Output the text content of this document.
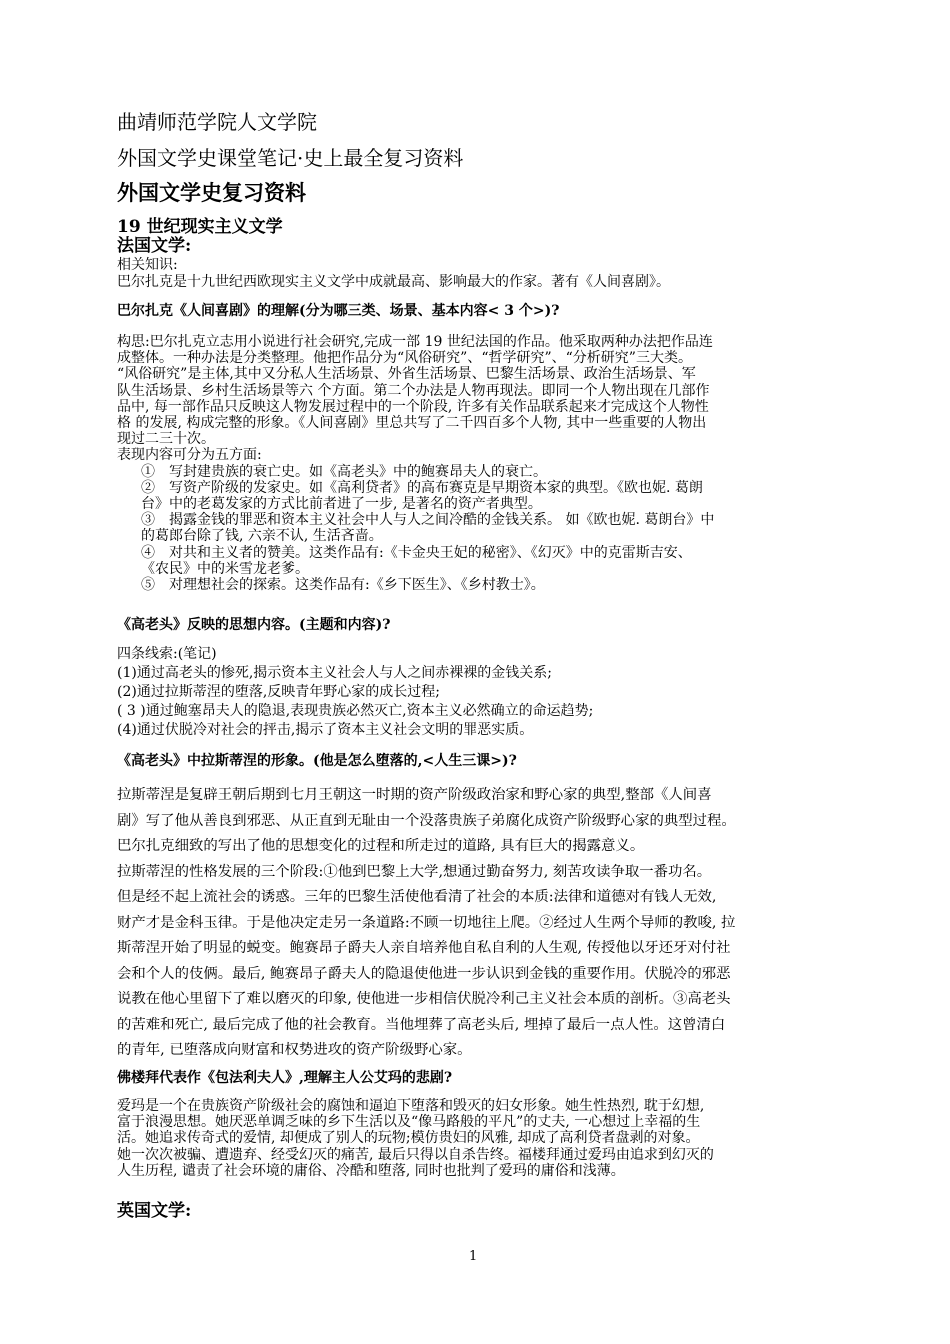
曲靖师范学院人文学院
外国文学史课堂笔记·史上最全复习资料
外国文学史复习资料
19 世纪现实主义文学
法国文学:
相关知识:
巴尔扎克是十九世纪西欧现实主义文学中成就最高、影响最大的作家。著有《人间喜剧》。
巴尔扎克《人间喜剧》的理解(分为哪三类、场景、基本内容< 3 个>)?

构思:巴尔扎克立志用小说进行社会研究,完成一部 19 世纪法国的作品。他采取两种办法把作品连

成整体。一种办法是分类整理。他把作品分为“风俗研究”、“哲学研究”、“分析研究”三大类。

“风俗研究”是主体,其中又分私人生活场景、外省生活场景、巴黎生活场景、政治生活场景、军

队生活场景、乡村生活场景等六 个方面。第二个办法是人物再现法。即同一个人物出现在几部作

品中, 每一部作品只反映这人物发展过程中的一个阶段, 许多有关作品联系起来才完成这个人物性

格 的发展, 构成完整的形象。《人间喜剧》里总共写了二千四百多个人物, 其中一些重要的人物出

现过二三十次。

表现内容可分为五方面:

①　写封建贵族的衰亡史。如《高老头》中的鲍赛昂夫人的衰亡。

②　写资产阶级的发家史。如《高利贷者》的高布赛克是早期资本家的典型。《欧也妮. 葛朗

台》中的老葛发家的方式比前者进了一步, 是著名的资产者典型。

③　揭露金钱的罪恶和资本主义社会中人与人之间冷酷的金钱关系。 如《欧也妮. 葛朗台》中

的葛郎台除了钱, 六亲不认, 生活吝啬。

④　对共和主义者的赞美。这类作品有:《卡金央王妃的秘密》、《幻灭》中的克雷斯吉安、

《农民》中的米雪龙老爹。

⑤　对理想社会的探索。这类作品有:《乡下医生》、《乡村教士》。

《高老头》反映的思想内容。(主题和内容)?

四条线索:(笔记)

(1)通过高老头的惨死,揭示资本主义社会人与人之间赤裸裸的金钱关系;

(2)通过拉斯蒂涅的堕落,反映青年野心家的成长过程;

( 3 )通过鲍塞昂夫人的隐退,表现贵族必然灭亡,资本主义必然确立的命运趋势;

(4)通过伏脱冷对社会的抨击,揭示了资本主义社会文明的罪恶实质。

《高老头》中拉斯蒂涅的形象。(他是怎么堕落的,<人生三课>)?

拉斯蒂涅是复辟王朝后期到七月王朝这一时期的资产阶级政治家和野心家的典型,整部《人间喜

剧》写了他从善良到邪恶、从正直到无耻由一个没落贵族子弟腐化成资产阶级野心家的典型过程。

巴尔扎克细致的写出了他的思想变化的过程和所走过的道路, 具有巨大的揭露意义。

拉斯蒂涅的性格发展的三个阶段:①他到巴黎上大学,想通过勤奋努力, 刻苦攻读争取一番功名。

但是经不起上流社会的诱惑。三年的巴黎生活使他看清了社会的本质:法律和道德对有钱人无效,

财产才是金科玉律。于是他决定走另一条道路:不顾一切地往上爬。②经过人生两个导师的教唆, 拉

斯蒂涅开始了明显的蜕变。鲍赛昂子爵夫人亲自培养他自私自利的人生观, 传授他以牙还牙对付社

会和个人的伎俩。最后, 鲍赛昂子爵夫人的隐退使他进一步认识到金钱的重要作用。伏脱冷的邪恶

说教在他心里留下了难以磨灭的印象, 使他进一步相信伏脱冷利己主义社会本质的剖析。③高老头

的苦难和死亡, 最后完成了他的社会教育。当他埋葬了高老头后, 埋掉了最后一点人性。这曾清白

的青年, 已堕落成向财富和权势进攻的资产阶级野心家。

佛楼拜代表作《包法利夫人》,理解主人公艾玛的悲剧?

爱玛是一个在贵族资产阶级社会的腐蚀和逼迫下堕落和毁灭的妇女形象。她生性热烈, 耽于幻想,

富于浪漫思想。她厌恶单调乏味的乡下生活以及“像马路般的平凡”的丈夫, 一心想过上幸福的生

活。她追求传奇式的爱情, 却便成了别人的玩物;模仿贵妇的风雅, 却成了高利贷者盘剥的对象。

她一次次被骗、遭遗弃、经受幻灭的痛苦, 最后只得以自杀告终。福楼拜通过爱玛由追求到幻灭的

人生历程, 谴责了社会环境的庸俗、冷酷和堕落, 同时也批判了爱玛的庸俗和浅薄。

英国文学:
1
